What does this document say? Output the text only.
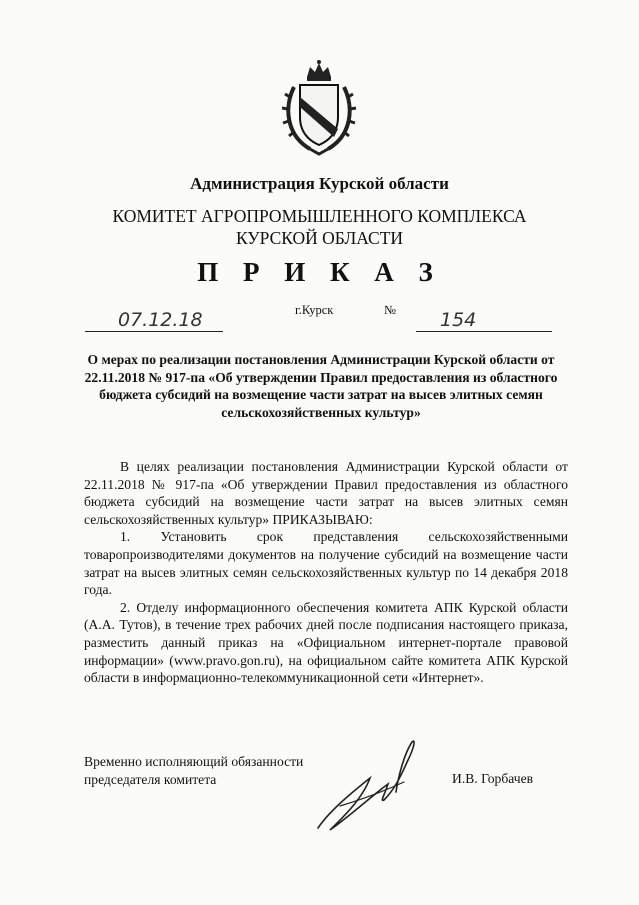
Администрация Курской области
КОМИТЕТ АГРОПРОМЫШЛЕННОГО КОМПЛЕКСА
КУРСКОЙ ОБЛАСТИ
П Р И К А З
07.12.18	г.Курск	№ 154
О мерах по реализации постановления Администрации Курской области от 22.11.2018 № 917-па «Об утверждении Правил предоставления из областного бюджета субсидий на возмещение части затрат на высев элитных семян сельскохозяйственных культур»

В целях реализации постановления Администрации Курской области от 22.11.2018 № 917-па «Об утверждении Правил предоставления из областного бюджета субсидий на возмещение части затрат на высев элитных семян сельскохозяйственных культур» ПРИКАЗЫВАЮ:

1. Установить срок представления сельскохозяйственными товаропроизводителями документов на получение субсидий на возмещение части затрат на высев элитных семян сельскохозяйственных культур по 14 декабря 2018 года.

2. Отделу информационного обеспечения комитета АПК Курской области (А.А. Тутов), в течение трех рабочих дней после подписания настоящего приказа, разместить данный приказ на «Официальном интернет-портале правовой информации» (www.pravo.gon.ru), на официальном сайте комитета АПК Курской области в информационно-телекоммуникационной сети «Интернет».

Временно исполняющий обязанности
председателя комитета	И.В. Горбачев
